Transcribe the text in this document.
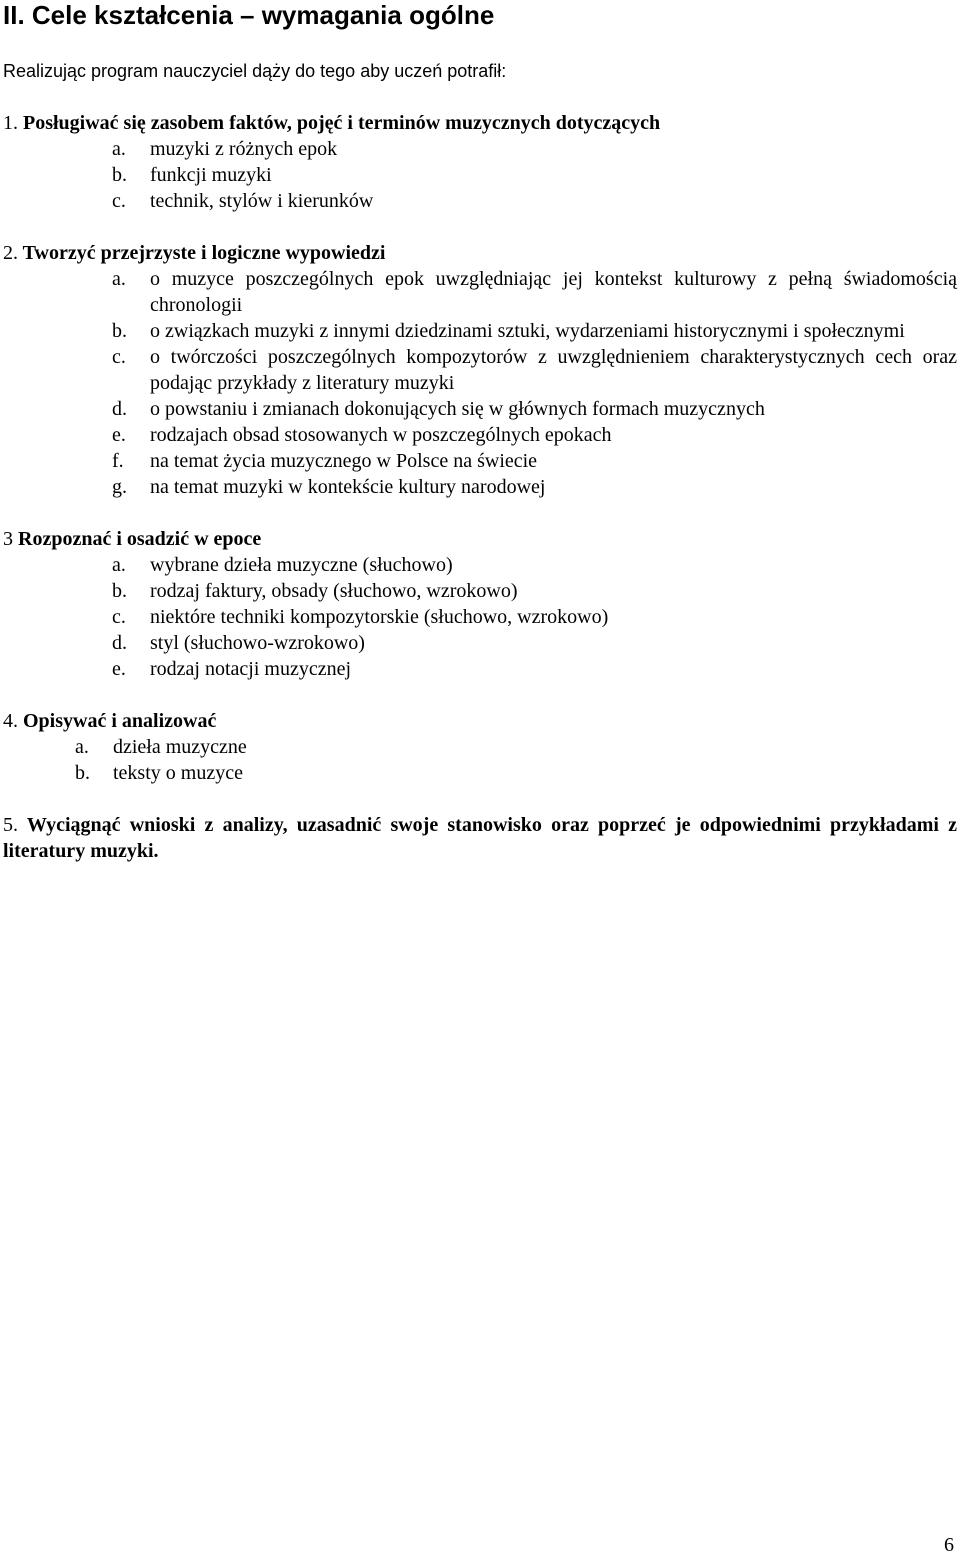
II. Cele kształcenia – wymagania ogólne
Realizując program nauczyciel dąży do tego aby uczeń potrafił:
1. Posługiwać się zasobem faktów, pojęć i terminów muzycznych dotyczących
a.	muzyki z różnych epok
b.	funkcji muzyki
c.	technik, stylów i kierunków
2. Tworzyć przejrzyste i logiczne wypowiedzi
a.	o muzyce poszczególnych epok uwzględniając jej kontekst kulturowy z pełną świadomością chronologii
b.	o związkach muzyki z innymi dziedzinami sztuki, wydarzeniami historycznymi i społecznymi
c.	o twórczości poszczególnych kompozytorów z uwzględnieniem charakterystycznych cech oraz podając przykłady z literatury muzyki
d.	o powstaniu i zmianach dokonujących się w głównych formach muzycznych
e.	rodzajach obsad stosowanych w poszczególnych epokach
f.	na temat życia muzycznego w Polsce na świecie
g.	na temat muzyki w kontekście kultury narodowej
3 Rozpoznać i osadzić w epoce
a.	wybrane dzieła muzyczne (słuchowo)
b.	rodzaj faktury, obsady (słuchowo, wzrokowo)
c.	niektóre techniki kompozytorskie (słuchowo, wzrokowo)
d.	styl (słuchowo-wzrokowo)
e.	rodzaj notacji muzycznej
4. Opisywać i analizować
a.	dzieła muzyczne
b.	teksty o muzyce
5. Wyciągnąć wnioski z analizy, uzasadnić swoje stanowisko oraz poprzeć je odpowiednimi przykładami z literatury muzyki.
6
